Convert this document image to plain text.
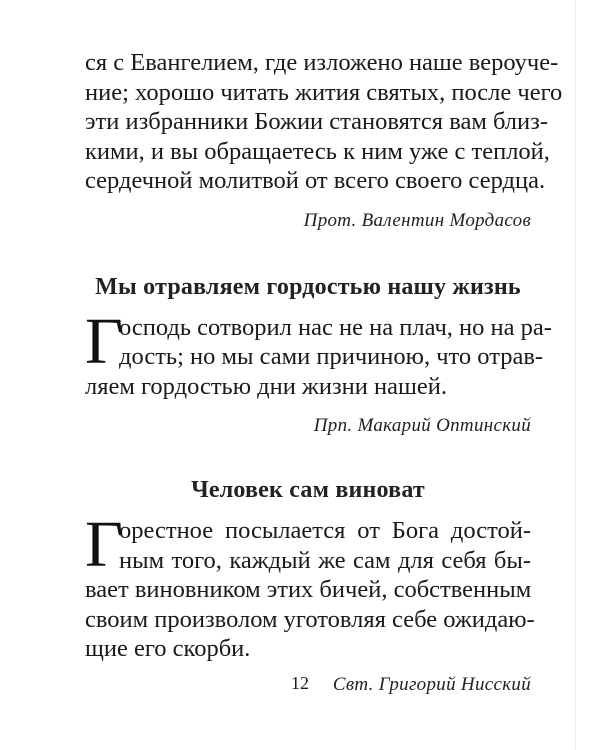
ся с Евангелием, где изложено наше вероуче-
ние; хорошо читать жития святых, после чего
эти избранники Божии становятся вам близ-
кими, и вы обращаетесь к ним уже с теплой,
сердечной молитвой от всего своего сердца.

Прот. Валентин Мордасов

Мы отравляем гордостью нашу жизнь
Г

осподь сотворил нас не на плач, но на ра-
дость; но мы сами причиною, что отрав-
ляем гордостью дни жизни нашей.

Прп. Макарий Оптинский

Человек сам виноват
Г

орестное посылается от Бога достой-
ным того, каждый же сам для себя бы-
вает виновником этих бичей, собственным
своим произволом уготовляя себе ожидаю-
щие его скорби.

Свт. Григорий Нисский

12
